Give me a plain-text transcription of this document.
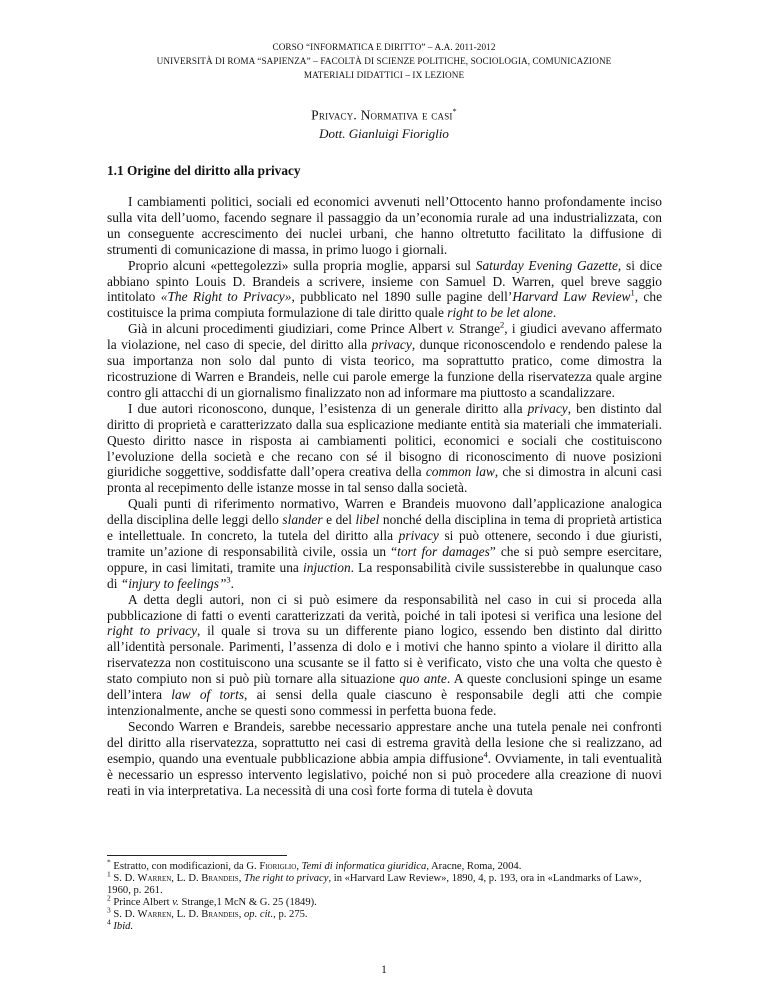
CORSO “INFORMATICA E DIRITTO” – A.A. 2011-2012
UNIVERSITÀ DI ROMA “SAPIENZA” – FACOLTÀ DI SCIENZE POLITICHE, SOCIOLOGIA, COMUNICAZIONE
MATERIALI DIDATTICI – IX LEZIONE
Privacy. Normativa e casi*
Dott. Gianluigi Fioriglio
1.1 Origine del diritto alla privacy

I cambiamenti politici, sociali ed economici avvenuti nell’Ottocento hanno profondamente inciso sulla vita dell’uomo, facendo segnare il passaggio da un’economia rurale ad una industrializzata, con un conseguente accrescimento dei nuclei urbani, che hanno oltretutto facilitato la diffusione di strumenti di comunicazione di massa, in primo luogo i giornali.

Proprio alcuni «pettegolezzi» sulla propria moglie, apparsi sul Saturday Evening Gazette, si dice abbiano spinto Louis D. Brandeis a scrivere, insieme con Samuel D. Warren, quel breve saggio intitolato «The Right to Privacy», pubblicato nel 1890 sulle pagine dell’Harvard Law Review$^1$, che costituisce la prima compiuta formulazione di tale diritto quale right to be let alone.

Già in alcuni procedimenti giudiziari, come Prince Albert v. Strange$^2$, i giudici avevano affermato la violazione, nel caso di specie, del diritto alla privacy, dunque riconoscendolo e rendendo palese la sua importanza non solo dal punto di vista teorico, ma soprattutto pratico, come dimostra la ricostruzione di Warren e Brandeis, nelle cui parole emerge la funzione della riservatezza quale argine contro gli attacchi di un giornalismo finalizzato non ad informare ma piuttosto a scandalizzare.

I due autori riconoscono, dunque, l’esistenza di un generale diritto alla privacy, ben distinto dal diritto di proprietà e caratterizzato dalla sua esplicazione mediante entità sia materiali che immateriali. Questo diritto nasce in risposta ai cambiamenti politici, economici e sociali che costituiscono l’evoluzione della società e che recano con sé il bisogno di riconoscimento di nuove posizioni giuridiche soggettive, soddisfatte dall’opera creativa della common law, che si dimostra in alcuni casi pronta al recepimento delle istanze mosse in tal senso dalla società.

Quali punti di riferimento normativo, Warren e Brandeis muovono dall’applicazione analogica della disciplina delle leggi dello slander e del libel nonché della disciplina in tema di proprietà artistica e intellettuale. In concreto, la tutela del diritto alla privacy si può ottenere, secondo i due giuristi, tramite un’azione di responsabilità civile, ossia un “tort for damages” che si può sempre esercitare, oppure, in casi limitati, tramite una injuction. La responsabilità civile sussisterebbe in qualunque caso di “injury to feelings”$^3$.

A detta degli autori, non ci si può esimere da responsabilità nel caso in cui si proceda alla pubblicazione di fatti o eventi caratterizzati da verità, poiché in tali ipotesi si verifica una lesione del right to privacy, il quale si trova su un differente piano logico, essendo ben distinto dal diritto all’identità personale. Parimenti, l’assenza di dolo e i motivi che hanno spinto a violare il diritto alla riservatezza non costituiscono una scusante se il fatto si è verificato, visto che una volta che questo è stato compiuto non si può più tornare alla situazione quo ante. A queste conclusioni spinge un esame dell’intera law of torts, ai sensi della quale ciascuno è responsabile degli atti che compie intenzionalmente, anche se questi sono commessi in perfetta buona fede.

Secondo Warren e Brandeis, sarebbe necessario apprestare anche una tutela penale nei confronti del diritto alla riservatezza, soprattutto nei casi di estrema gravità della lesione che si realizzano, ad esempio, quando una eventuale pubblicazione abbia ampia diffusione$^4$. Ovviamente, in tali eventualità è necessario un espresso intervento legislativo, poiché non si può procedere alla creazione di nuovi reati in via interpretativa. La necessità di una così forte forma di tutela è dovuta

* Estratto, con modificazioni, da G. Fioriglio, Temi di informatica giuridica, Aracne, Roma, 2004.
$^1$ S. D. Warren, L. D. Brandeis, The right to privacy, in «Harvard Law Review», 1890, 4, p. 193, ora in «Landmarks of Law», 1960, p. 261.
$^2$ Prince Albert v. Strange,1 McN & G. 25 (1849).
$^3$ S. D. Warren, L. D. Brandeis, op. cit., p. 275.
$^4$ Ibid.
1
